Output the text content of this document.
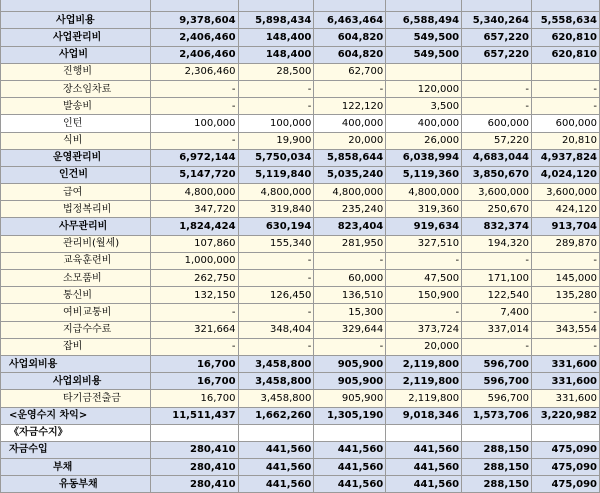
사업비용	9,378,604	5,898,434	6,463,464	6,588,494	5,340,264	5,558,634
사업관리비	2,406,460	148,400	604,820	549,500	657,220	620,810
사업비	2,406,460	148,400	604,820	549,500	657,220	620,810
진행비	2,306,460	28,500	62,700			
장소임차료	-	-	-	120,000	-	-
발송비	-	-	122,120	3,500	-	-
인턴	100,000	100,000	400,000	400,000	600,000	600,000
식비	-	19,900	20,000	26,000	57,220	20,810
운영관리비	6,972,144	5,750,034	5,858,644	6,038,994	4,683,044	4,937,824
인건비	5,147,720	5,119,840	5,035,240	5,119,360	3,850,670	4,024,120
급여	4,800,000	4,800,000	4,800,000	4,800,000	3,600,000	3,600,000
법정복리비	347,720	319,840	235,240	319,360	250,670	424,120
사무관리비	1,824,424	630,194	823,404	919,634	832,374	913,704
관리비(월세)	107,860	155,340	281,950	327,510	194,320	289,870
교육훈련비	1,000,000	-	-	-	-	-
소모품비	262,750	-	60,000	47,500	171,100	145,000
통신비	132,150	126,450	136,510	150,900	122,540	135,280
여비교통비	-	-	15,300	-	7,400	-
지급수수료	321,664	348,404	329,644	373,724	337,014	343,554
잡비	-	-	-	20,000	-	-
사업외비용	16,700	3,458,800	905,900	2,119,800	596,700	331,600
사업외비용	16,700	3,458,800	905,900	2,119,800	596,700	331,600
타기금전출금	16,700	3,458,800	905,900	2,119,800	596,700	331,600
<운영수지 차익>	11,511,437	1,662,260	1,305,190	9,018,346	1,573,706	3,220,982
《자금수지》						
자금수입	280,410	441,560	441,560	441,560	288,150	475,090
부채	280,410	441,560	441,560	441,560	288,150	475,090
유동부채	280,410	441,560	441,560	441,560	288,150	475,090
